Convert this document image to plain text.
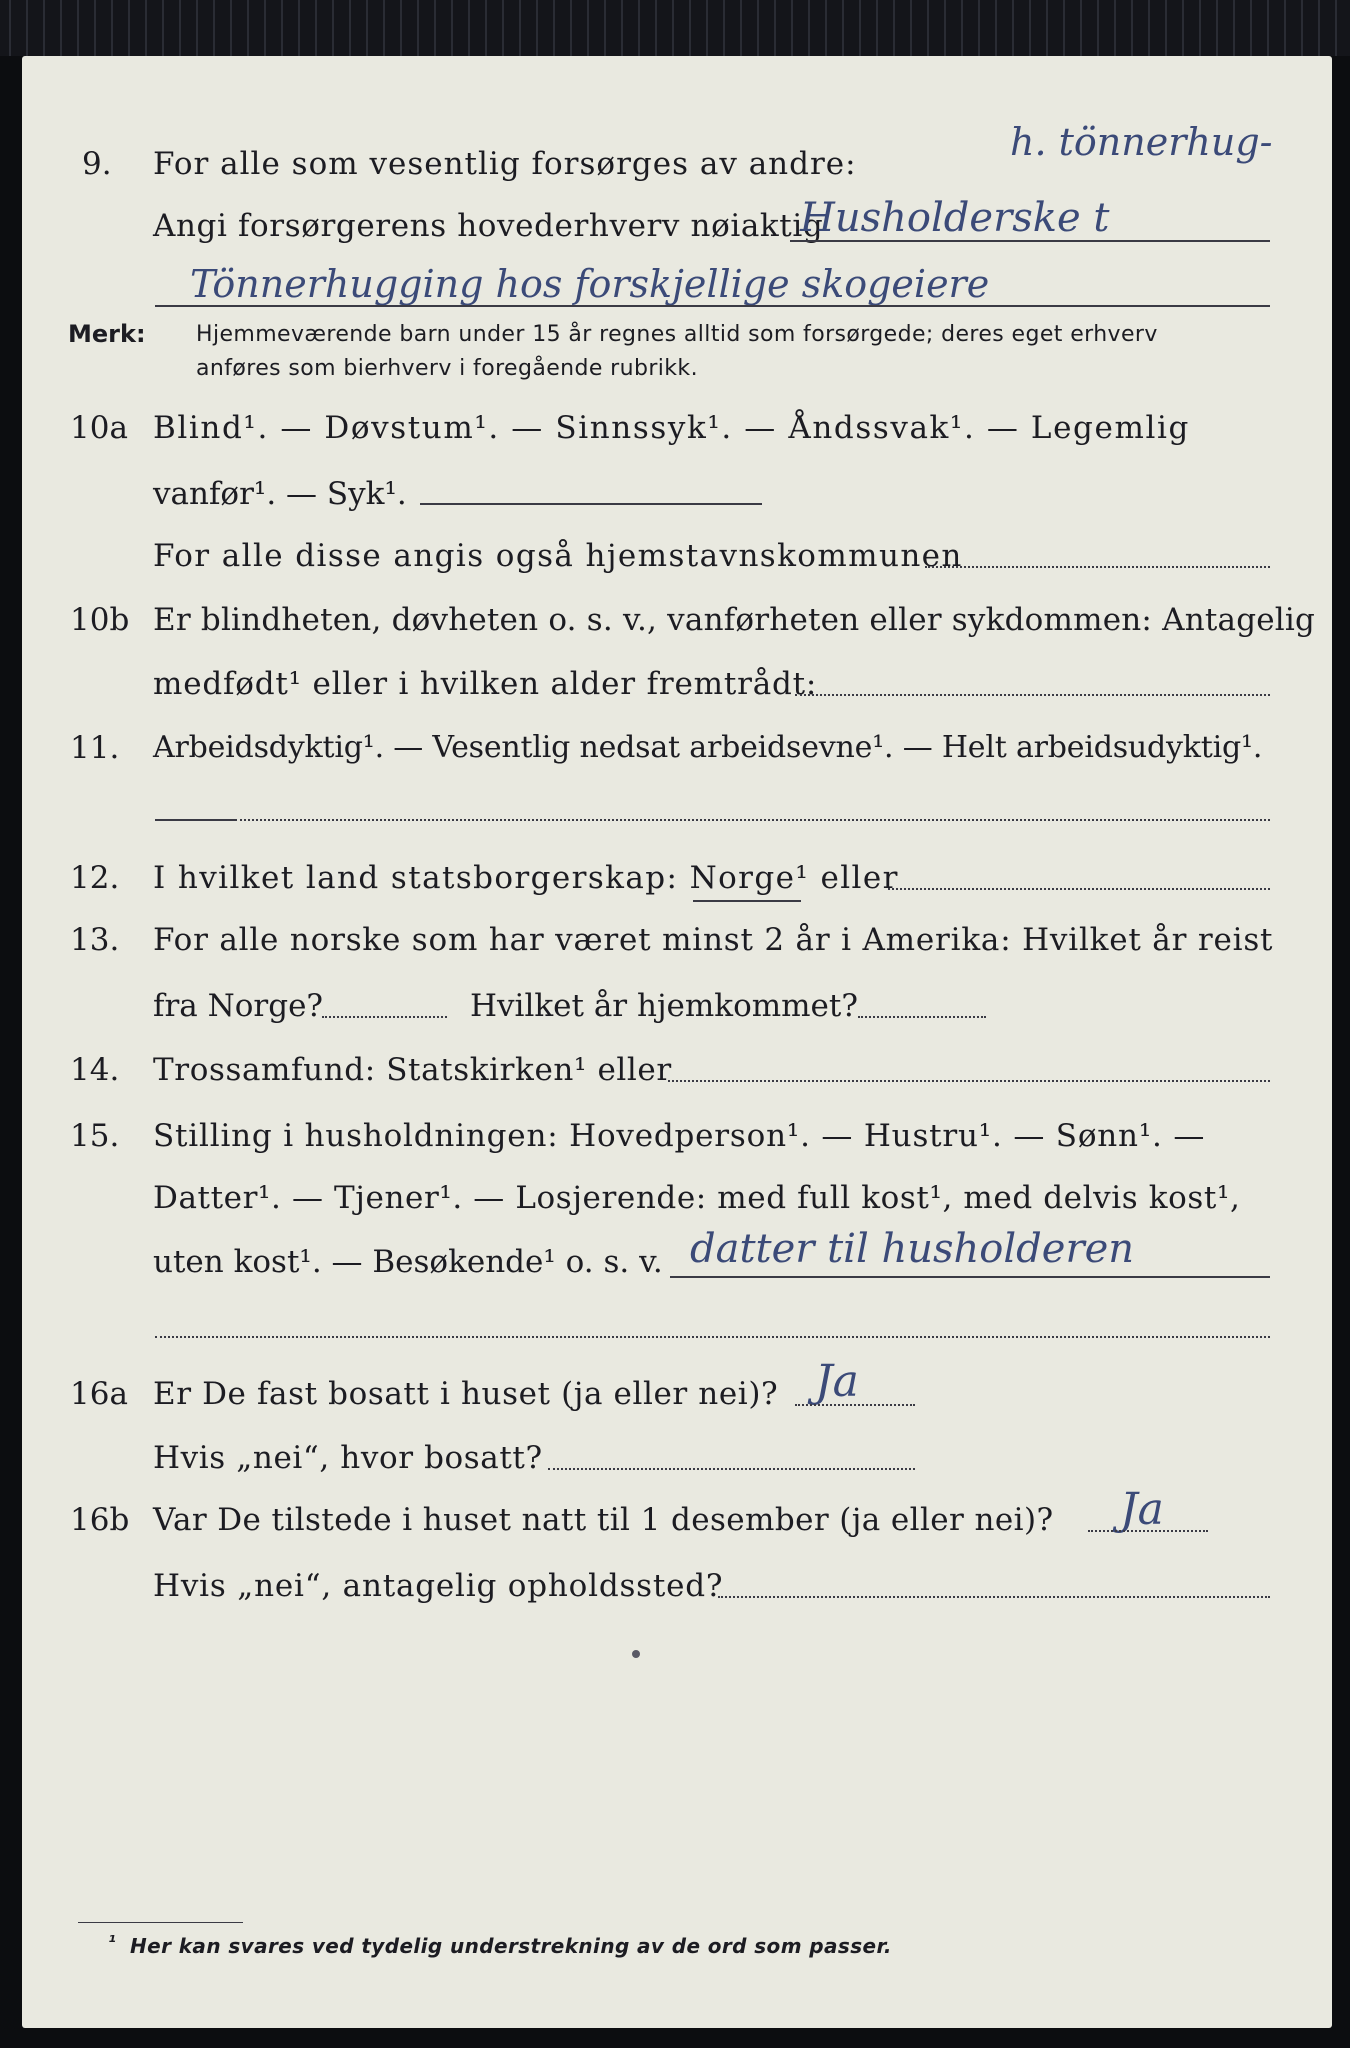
9. For alle som vesentlig forsørges av andre:	h. tönnerhug-
Angi forsørgerens hovederhverv nøiaktig
Husholderske t
Tönnerhugging hos forskjellige skogeiere
Merk: Hjemmeværende barn under 15 år regnes alltid som forsørgede; deres eget erhverv
anføres som bierhverv i foregående rubrikk.
10a Blind¹. — Døvstum¹. — Sinnssyk¹. — Åndssvak¹. — Legemlig
vanfør¹. — Syk¹.
For alle disse angis også hjemstavnskommunen
10b Er blindheten, døvheten o. s. v., vanførheten eller sykdommen: Antagelig
medfødt¹ eller i hvilken alder fremtrådt:
11. Arbeidsdyktig¹. — Vesentlig nedsat arbeidsevne¹. — Helt arbeidsudyktig¹.
12. I hvilket land statsborgerskap: Norge¹ eller
13. For alle norske som har været minst 2 år i Amerika: Hvilket år reist
fra Norge?	Hvilket år hjemkommet?
14. Trossamfund: Statskirken¹ eller
15. Stilling i husholdningen: Hovedperson¹. — Hustru¹. — Sønn¹. —
Datter¹. — Tjener¹. — Losjerende: med full kost¹, med delvis kost¹,
uten kost¹. — Besøkende¹ o. s. v. datter til husholderen
16a Er De fast bosatt i huset (ja eller nei)? Ja
Hvis „nei“, hvor bosatt?
16b Var De tilstede i huset natt til 1 desember (ja eller nei)? Ja
Hvis „nei“, antagelig opholdssted?
¹ Her kan svares ved tydelig understrekning av de ord som passer.
